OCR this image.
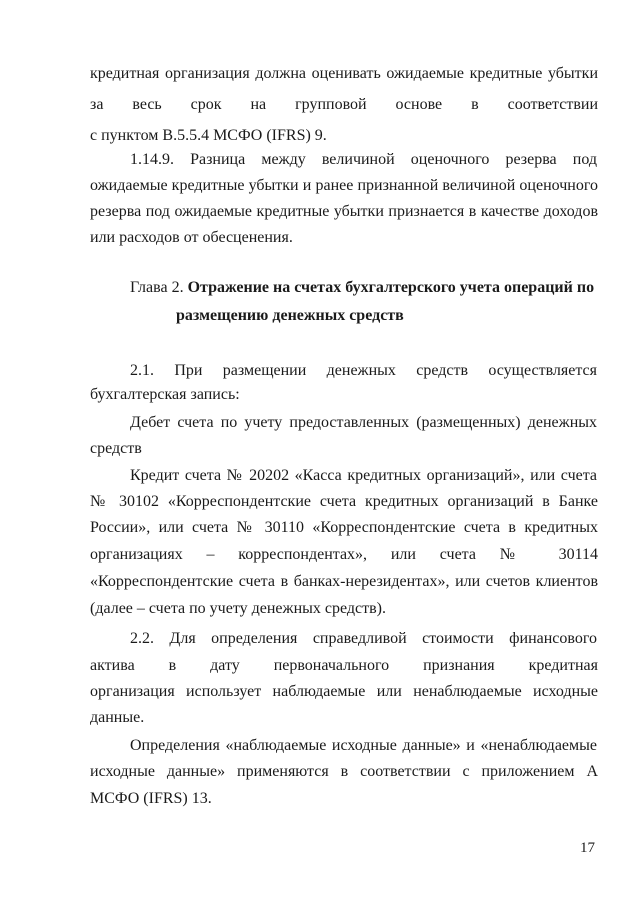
кредитная организация должна оценивать ожидаемые кредитные убытки
за весь срок на групповой основе в соответствии
с пунктом B.5.5.4 МСФО (IFRS) 9.
1.14.9. Разница между величиной оценочного резерва под
ожидаемые кредитные убытки и ранее признанной величиной оценочного
резерва под ожидаемые кредитные убытки признается в качестве доходов
или расходов от обесценения.
Глава 2. Отражение на счетах бухгалтерского учета операций по
размещению денежных средств
2.1. При размещении денежных средств осуществляется
бухгалтерская запись:
Дебет счета по учету предоставленных (размещенных) денежных
средств
Кредит счета № 20202 «Касса кредитных организаций», или счета
№ 30102 «Корреспондентские счета кредитных организаций в Банке
России», или счета № 30110 «Корреспондентские счета в кредитных
организациях – корреспондентах», или счета № 30114
«Корреспондентские счета в банках-нерезидентах», или счетов клиентов
(далее – счета по учету денежных средств).
2.2. Для определения справедливой стоимости финансового
актива в дату первоначального признания кредитная
организация использует наблюдаемые или ненаблюдаемые исходные
данные.
Определения «наблюдаемые исходные данные» и «ненаблюдаемые
исходные данные» применяются в соответствии с приложением А
МСФО (IFRS) 13.
17
